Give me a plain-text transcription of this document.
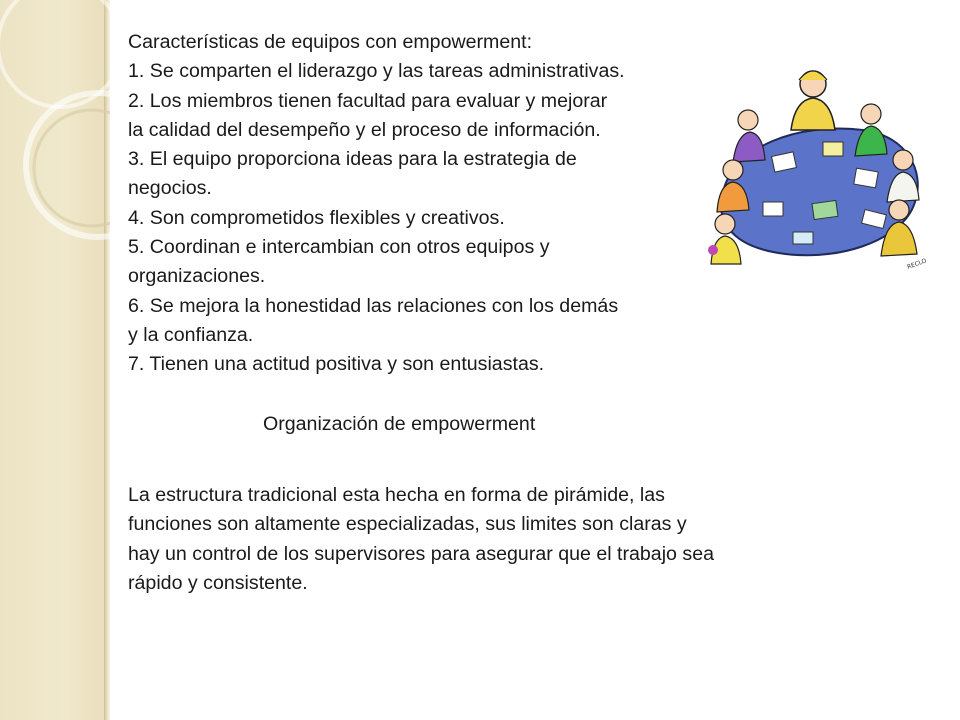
Características de equipos con empowerment:
1. Se comparten el liderazgo y las tareas administrativas.
2. Los miembros tienen facultad para evaluar y mejorar
la calidad del desempeño y el proceso de información.
3. El equipo proporciona ideas para la estrategia de
negocios.
4. Son comprometidos flexibles y creativos.
5. Coordinan e intercambian con otros equipos y
organizaciones.
6. Se mejora la honestidad las relaciones con los demás
y la confianza.
7. Tienen una actitud positiva y son entusiastas.
RECLO
Organización de empowerment
La estructura tradicional esta hecha en forma de pirámide, las
funciones son altamente especializadas, sus limites son claras y
hay un control de los supervisores para asegurar que el trabajo sea
rápido y consistente.
